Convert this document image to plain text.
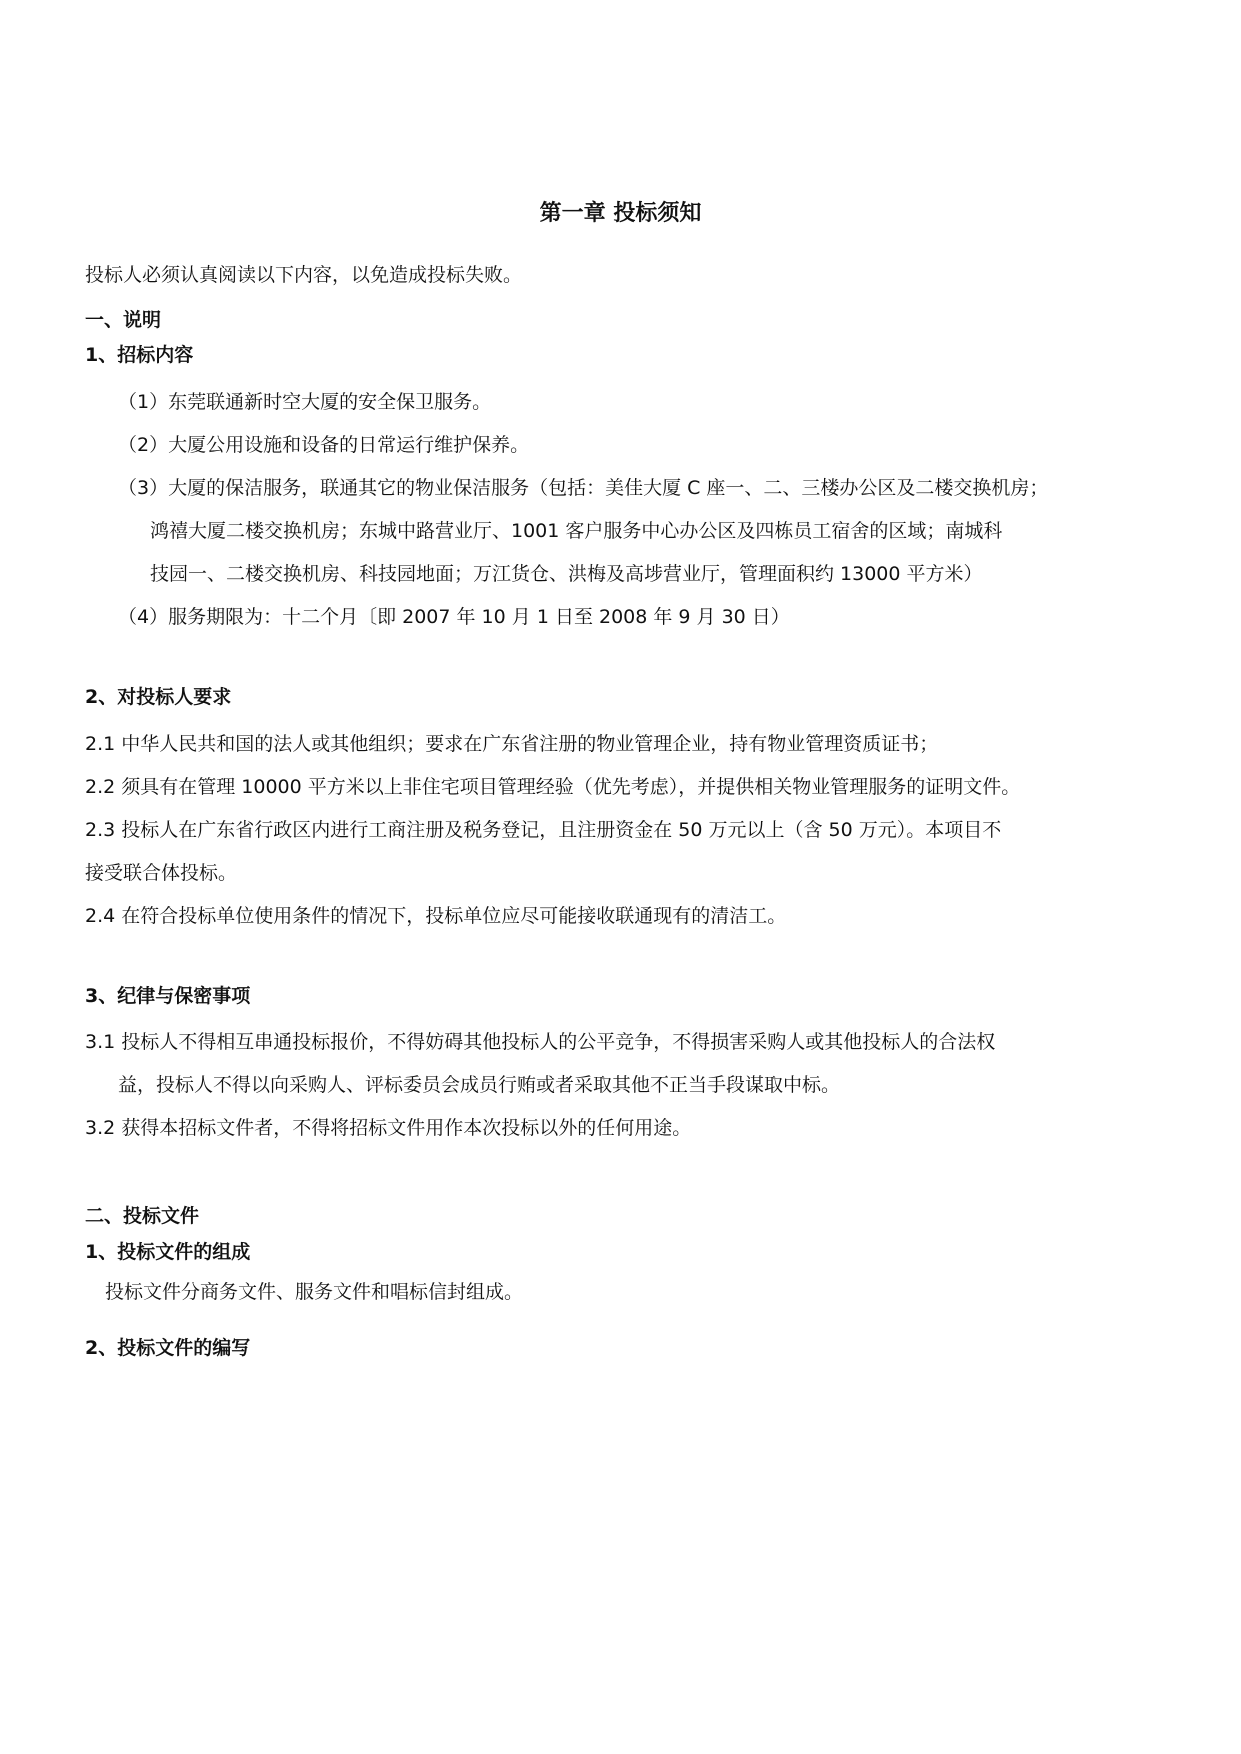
第一章 投标须知
投标人必须认真阅读以下内容，以免造成投标失败。
一、说明
1、招标内容
（1）东莞联通新时空大厦的安全保卫服务。
（2）大厦公用设施和设备的日常运行维护保养。
（3）大厦的保洁服务，联通其它的物业保洁服务（包括：美佳大厦 C 座一、二、三楼办公区及二楼交换机房；
鸿禧大厦二楼交换机房；东城中路营业厅、1001 客户服务中心办公区及四栋员工宿舍的区域；南城科
技园一、二楼交换机房、科技园地面；万江货仓、洪梅及高埗营业厅，管理面积约 13000 平方米）
（4）服务期限为：十二个月〔即 2007 年 10 月 1 日至 2008 年 9 月 30 日）
2、对投标人要求
2.1 中华人民共和国的法人或其他组织；要求在广东省注册的物业管理企业，持有物业管理资质证书；
2.2 须具有在管理 10000 平方米以上非住宅项目管理经验（优先考虑），并提供相关物业管理服务的证明文件。
2.3 投标人在广东省行政区内进行工商注册及税务登记，且注册资金在 50 万元以上（含 50 万元）。本项目不
接受联合体投标。
2.4 在符合投标单位使用条件的情况下，投标单位应尽可能接收联通现有的清洁工。
3、纪律与保密事项
3.1 投标人不得相互串通投标报价，不得妨碍其他投标人的公平竞争，不得损害采购人或其他投标人的合法权
益，投标人不得以向采购人、评标委员会成员行贿或者采取其他不正当手段谋取中标。
3.2 获得本招标文件者，不得将招标文件用作本次投标以外的任何用途。
二、投标文件
1、投标文件的组成
投标文件分商务文件、服务文件和唱标信封组成。
2、投标文件的编写
